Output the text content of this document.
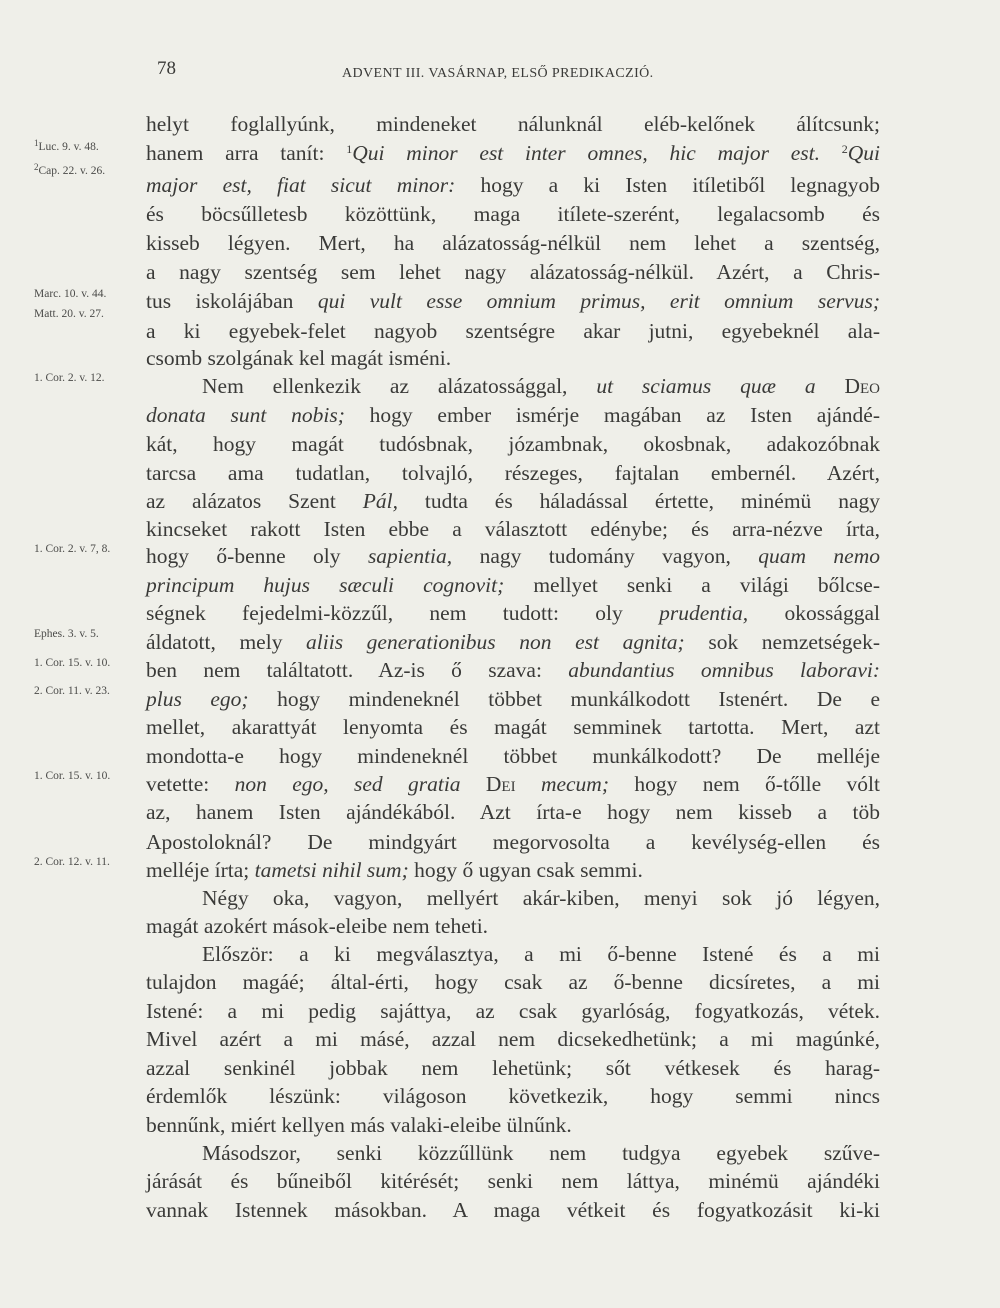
78	ADVENT III. VASÁRNAP, ELSŐ PREDIKACZIÓ.
$^1$Luc. 9. v. 48.
$^2$Cap. 22. v. 26.
Marc. 10. v. 44.
Matt. 20. v. 27.
1. Cor. 2. v. 12.
1. Cor. 2. v. 7, 8.
Ephes. 3. v. 5.
1. Cor. 15. v. 10.
2. Cor. 11. v. 23.
1. Cor. 15. v. 10.
2. Cor. 12. v. 11.
helyt foglallyúnk, mindeneket nálunknál eléb-kelőnek álítcsunk;
hanem arra tanít: $^1$Qui minor est inter omnes, hic major est. $^2$Qui
major est, fiat sicut minor: hogy a ki Isten itíletiből legnagyob
és böcsűlletesb közöttünk, maga itílete-szerént, legalacsomb és
kisseb légyen. Mert, ha alázatosság-nélkül nem lehet a szentség,
a nagy szentség sem lehet nagy alázatosság-nélkül. Azért, a Chris-
tus iskolájában qui vult esse omnium primus, erit omnium servus;
a ki egyebek-felet nagyob szentségre akar jutni, egyebeknél ala-
csomb szolgának kel magát isméni.
Nem ellenkezik az alázatossággal, ut sciamus quæ a Deo
donata sunt nobis; hogy ember ismérje magában az Isten ajándé-
kát, hogy magát tudósbnak, józambnak, okosbnak, adakozóbnak
tarcsa ama tudatlan, tolvajló, részeges, fajtalan embernél. Azért,
az alázatos Szent Pál, tudta és háladással értette, minémü nagy
kincseket rakott Isten ebbe a választott edénybe; és arra-nézve írta,
hogy ő-benne oly sapientia, nagy tudomány vagyon, quam nemo
principum hujus sæculi cognovit; mellyet senki a világi bőlcse-
ségnek fejedelmi-közzűl, nem tudott: oly prudentia, okossággal
áldatott, mely aliis generationibus non est agnita; sok nemzetségek-
ben nem találtatott. Az-is ő szava: abundantius omnibus laboravi:
plus ego; hogy mindeneknél többet munkálkodott Istenért. De e
mellet, akarattyát lenyomta és magát semminek tartotta. Mert, azt
mondotta-e hogy mindeneknél többet munkálkodott? De melléje
vetette: non ego, sed gratia Dei mecum; hogy nem ő-tőlle vólt
az, hanem Isten ajándékából. Azt írta-e hogy nem kisseb a töb
Apostoloknál? De mindgyárt megorvosolta a kevélység-ellen és
melléje írta; tametsi nihil sum; hogy ő ugyan csak semmi.
Négy oka, vagyon, mellyért akár-kiben, menyi sok jó légyen,
magát azokért mások-eleibe nem teheti.
Először: a ki megválasztya, a mi ő-benne Istené és a mi
tulajdon magáé; által-érti, hogy csak az ő-benne dicsíretes, a mi
Istené: a mi pedig sajáttya, az csak gyarlóság, fogyatkozás, vétek.
Mivel azért a mi másé, azzal nem dicsekedhetünk; a mi magúnké,
azzal senkinél jobbak nem lehetünk; sőt vétkesek és harag-
érdemlők lészünk: világoson következik, hogy semmi nincs
bennűnk, miért kellyen más valaki-eleibe ülnűnk.
Másodszor, senki közzűllünk nem tudgya egyebek szűve-
járását és bűneiből kitérését; senki nem láttya, minémü ajándéki
vannak Istennek másokban. A maga vétkeit és fogyatkozásit ki-ki
